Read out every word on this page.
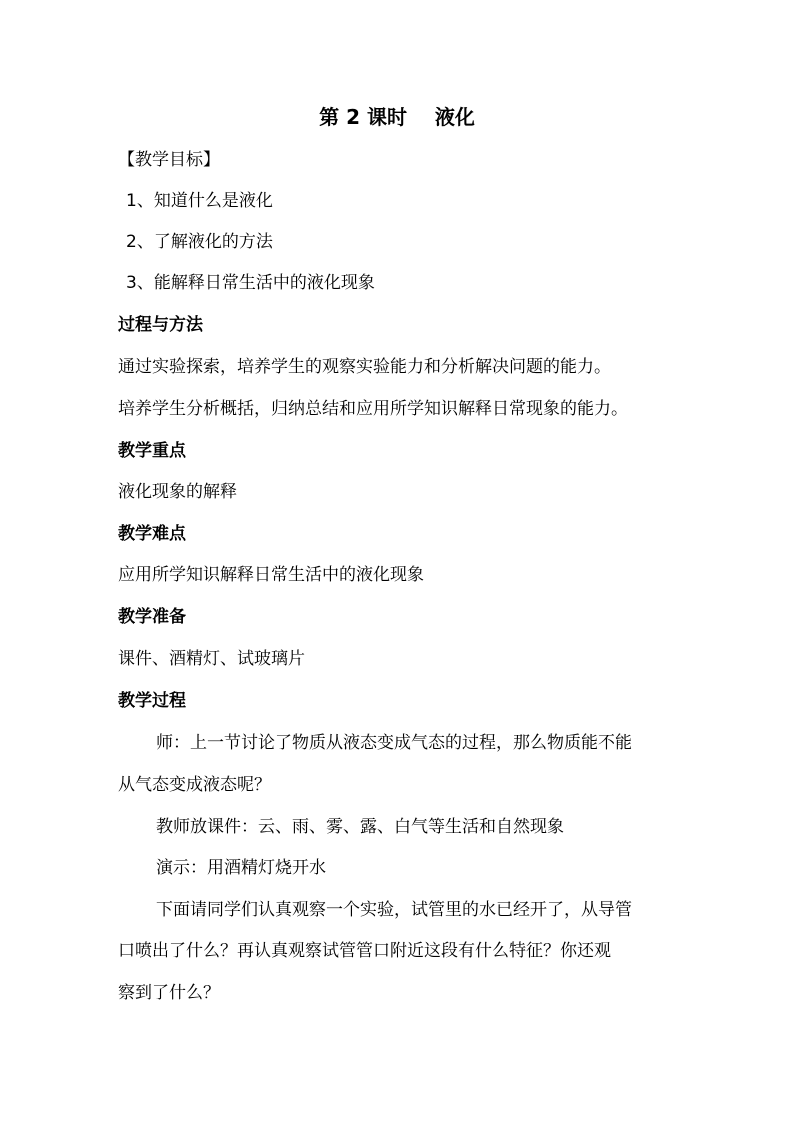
第 2 课时    液化
【教学目标】
1、知道什么是液化
2、了解液化的方法
3、能解释日常生活中的液化现象
过程与方法
通过实验探索，培养学生的观察实验能力和分析解决问题的能力。
培养学生分析概括，归纳总结和应用所学知识解释日常现象的能力。
教学重点
液化现象的解释
教学难点
应用所学知识解释日常生活中的液化现象
教学准备
课件、酒精灯、试玻璃片
教学过程
师：上一节讨论了物质从液态变成气态的过程，那么物质能不能
从气态变成液态呢？
教师放课件：云、雨、雾、露、白气等生活和自然现象
演示：用酒精灯烧开水
下面请同学们认真观察一个实验，试管里的水已经开了，从导管
口喷出了什么？再认真观察试管管口附近这段有什么特征？你还观
察到了什么？
